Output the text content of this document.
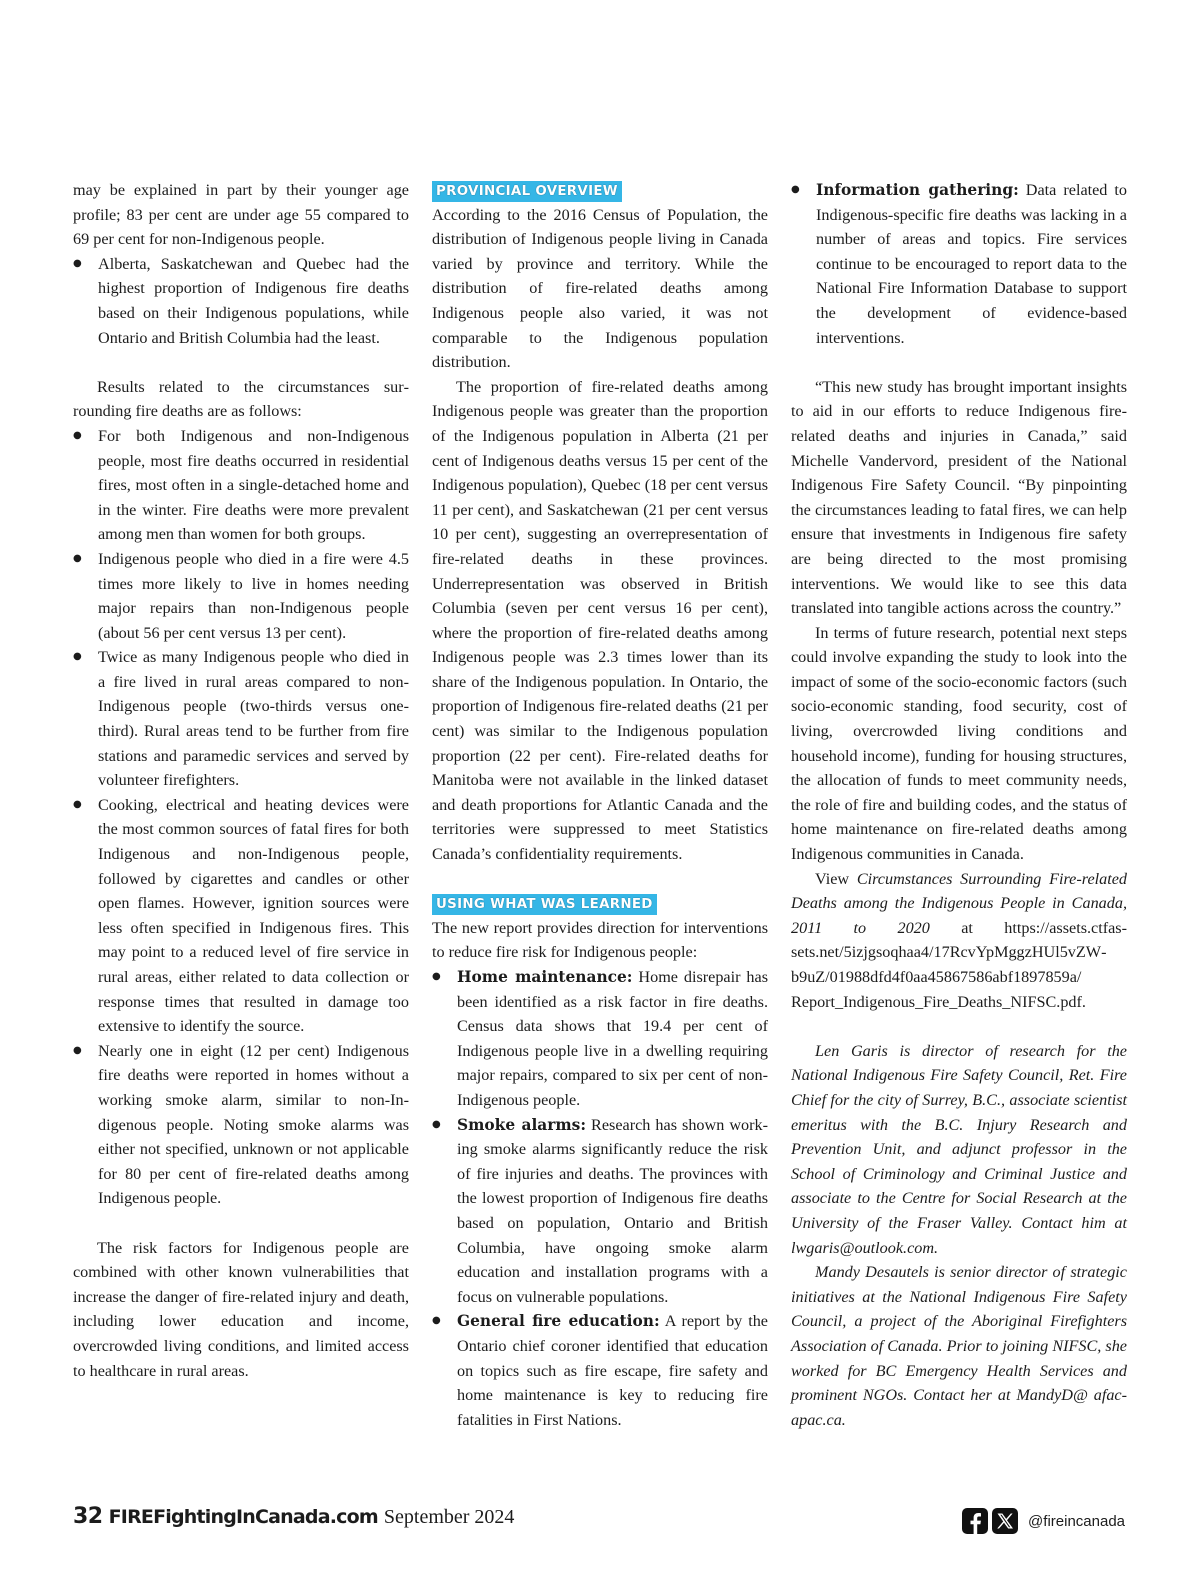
may be explained in part by their younger age profile; 83 per cent are under age 55 compared to 69 per cent for non-Indigenous people.

● Alberta, Saskatchewan and Quebec had the highest proportion of Indigenous fire deaths based on their Indigenous populations, while Ontario and British Columbia had the least.

Results related to the circumstances surrounding fire deaths are as follows:

● For both Indigenous and non-Indigenous people, most fire deaths occurred in residential fires, most often in a single-detached home and in the winter. Fire deaths were more prevalent among men than women for both groups.
● Indigenous people who died in a fire were 4.5 times more likely to live in homes needing major repairs than non-Indigenous people (about 56 per cent versus 13 per cent).
● Twice as many Indigenous people who died in a fire lived in rural areas compared to non-Indigenous people (two-thirds versus one-third). Rural areas tend to be further from fire stations and paramedic services and served by volunteer firefighters.
● Cooking, electrical and heating devices were the most common sources of fatal fires for both Indigenous and non-Indigenous people, followed by cigarettes and candles or other open flames. However, ignition sources were less often specified in Indigenous fires. This may point to a reduced level of fire service in rural areas, either related to data collection or response times that resulted in damage too extensive to identify the source.
● Nearly one in eight (12 per cent) Indigenous fire deaths were reported in homes without a working smoke alarm, similar to non-Indigenous people. Noting smoke alarms was either not specified, unknown or not applicable for 80 per cent of fire-related deaths among Indigenous people.

The risk factors for Indigenous people are combined with other known vulnerabilities that increase the danger of fire-related injury and death, including lower education and income, overcrowded living conditions, and limited access to healthcare in rural areas.

PROVINCIAL OVERVIEW

According to the 2016 Census of Population, the distribution of Indigenous people living in Canada varied by province and territory. While the distribution of fire-related deaths among Indigenous people also varied, it was not comparable to the Indigenous population distribution.

The proportion of fire-related deaths among Indigenous people was greater than the proportion of the Indigenous population in Alberta (21 per cent of Indigenous deaths versus 15 per cent of the Indigenous population), Quebec (18 per cent versus 11 per cent), and Saskatchewan (21 per cent versus 10 per cent), suggesting an overrepresentation of fire-related deaths in these provinces. Underrepresentation was observed in British Columbia (seven per cent versus 16 per cent), where the proportion of fire-related deaths among Indigenous people was 2.3 times lower than its share of the Indigenous population. In Ontario, the proportion of Indigenous fire-related deaths (21 per cent) was similar to the Indigenous population proportion (22 per cent). Fire-related deaths for Manitoba were not available in the linked dataset and death proportions for Atlantic Canada and the territories were suppressed to meet Statistics Canada’s confidentiality requirements.

USING WHAT WAS LEARNED

The new report provides direction for interventions to reduce fire risk for Indigenous people:

● Home maintenance: Home disrepair has been identified as a risk factor in fire deaths. Census data shows that 19.4 per cent of Indigenous people live in a dwelling requiring major repairs, compared to six per cent of non-Indigenous people.
● Smoke alarms: Research has shown working smoke alarms significantly reduce the risk of fire injuries and deaths. The provinces with the lowest proportion of Indigenous fire deaths based on population, Ontario and British Columbia, have ongoing smoke alarm education and installation programs with a focus on vulnerable populations.
● General fire education: A report by the Ontario chief coroner identified that education on topics such as fire escape, fire safety and home maintenance is key to reducing fire fatalities in First Nations.
● Information gathering: Data related to Indigenous-specific fire deaths was lacking in a number of areas and topics. Fire services continue to be encouraged to report data to the National Fire Information Database to support the development of evidence-based interventions.

“This new study has brought important insights to aid in our efforts to reduce Indigenous fire-related deaths and injuries in Canada,” said Michelle Vandervord, president of the National Indigenous Fire Safety Council. “By pinpointing the circumstances leading to fatal fires, we can help ensure that investments in Indigenous fire safety are being directed to the most promising interventions. We would like to see this data translated into tangible actions across the country.”

In terms of future research, potential next steps could involve expanding the study to look into the impact of some of the socio-economic factors (such socio-economic standing, food security, cost of living, overcrowded living conditions and household income), funding for housing structures, the allocation of funds to meet community needs, the role of fire and building codes, and the status of home maintenance on fire-related deaths among Indigenous communities in Canada.

View Circumstances Surrounding Fire-related Deaths among the Indigenous People in Canada, 2011 to 2020 at https://assets.ctfassets.net/5izjgsoqhaa4/17RcvYpMggzHUl5vZWb9uZ/01988dfd4f0aa45867586abf1897859a/ Report_Indigenous_Fire_Deaths_NIFSC.pdf.

Len Garis is director of research for the National Indigenous Fire Safety Council, Ret. Fire Chief for the city of Surrey, B.C., associate scientist emeritus with the B.C. Injury Research and Prevention Unit, and adjunct professor in the School of Criminology and Criminal Justice and associate to the Centre for Social Research at the University of the Fraser Valley. Contact him at lwgaris@outlook.com.

Mandy Desautels is senior director of strategic initiatives at the National Indigenous Fire Safety Council, a project of the Aboriginal Firefighters Association of Canada. Prior to joining NIFSC, she worked for BC Emergency Health Services and prominent NGOs. Contact her at MandyD@ afac-apac.ca.

32 FIREFightingInCanada.com September 2024	@fireincanada
